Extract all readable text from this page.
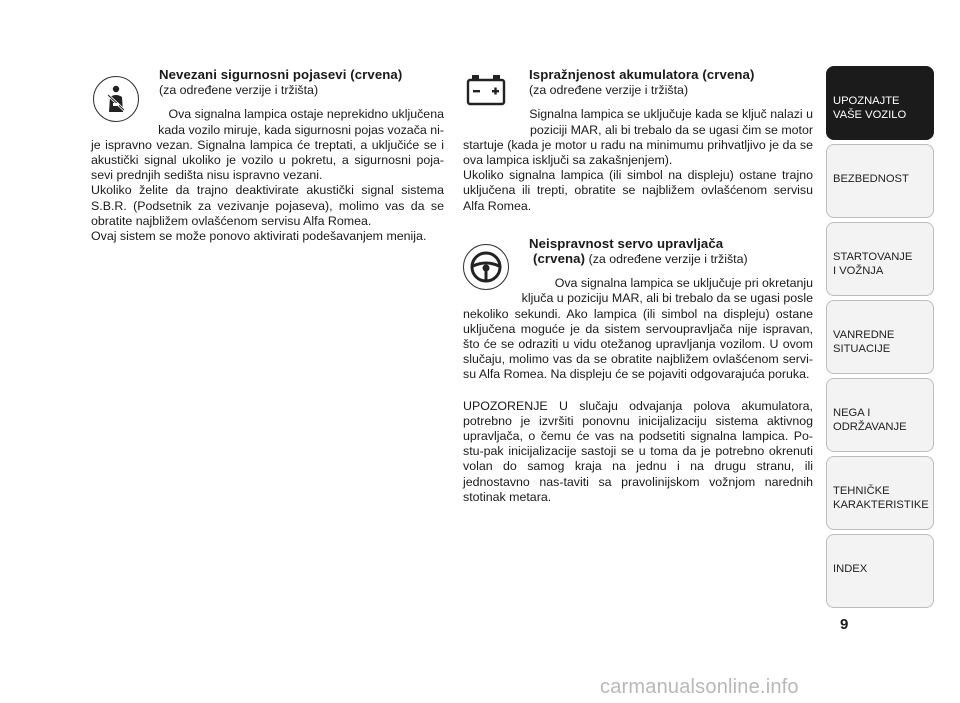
Nevezani sigurnosni pojasevi (crvena)
(za određene verzije i tržišta)
Ova signalna lampica ostaje neprekidno uključena
kada vozilo miruje, kada sigurnosni pojas vozača ni-

je ispravno vezan. Signalna lampica će treptati, a uključiće se i akustički signal ukoliko je vozilo u pokretu, a sigurnosni poja-sevi prednjih sedišta nisu ispravno vezani.

Ukoliko želite da trajno deaktivirate akustički signal sistema S.B.R. (Podsetnik za vezivanje pojaseva), molimo vas da se obratite najbližem ovlašćenom servisu Alfa Romea.

Ovaj sistem se može ponovo aktivirati podešavanjem menija.

Ispražnjenost akumulatora (crvena)
(za određene verzije i tržišta)
Signalna lampica se uključuje kada se ključ nalazi u
poziciji MAR, ali bi trebalo da se ugasi čim se motor

startuje (kada je motor u radu na minimumu prihvatljivo je da se ova lampica isključi sa zakašnjenjem).

Ukoliko signalna lampica (ili simbol na displeju) ostane trajno uključena ili trepti, obratite se najbližem ovlašćenom servisu Alfa Romea.

Neispravnost servo upravljača
(crvena) (za određene verzije i tržišta)
Ova signalna lampica se uključuje pri okretanju
ključa u poziciju MAR, ali bi trebalo da se ugasi posle

nekoliko sekundi. Ako lampica (ili simbol na displeju) ostane uključena moguće je da sistem servoupravljača nije ispravan, što će se odraziti u vidu otežanog upravljanja vozilom. U ovom slučaju, molimo vas da se obratite najbližem ovlašćenom servi-su Alfa Romea. Na displeju će se pojaviti odgovarajuća poruka.

UPOZORENJE U slučaju odvajanja polova akumulatora, potrebno je izvršiti ponovnu inicijalizaciju sistema aktivnog upravljača, o čemu će vas na podsetiti signalna lampica. Po-stu-pak inicijalizacije sastoji se u toma da je potrebno okrenuti volan do samog kraja na jednu i na drugu stranu, ili jednostavno nas-taviti sa pravolinijskom vožnjom narednih stotinak metara.

UPOZNAJTE
VAŠE VOZILO
BEZBEDNOST
STARTOVANJE
I VOŽNJA
VANREDNE
SITUACIJE
NEGA I
ODRŽAVANJE
TEHNIČKE
KARAKTERISTIKE
INDEX
9
carmanualsonline.info
